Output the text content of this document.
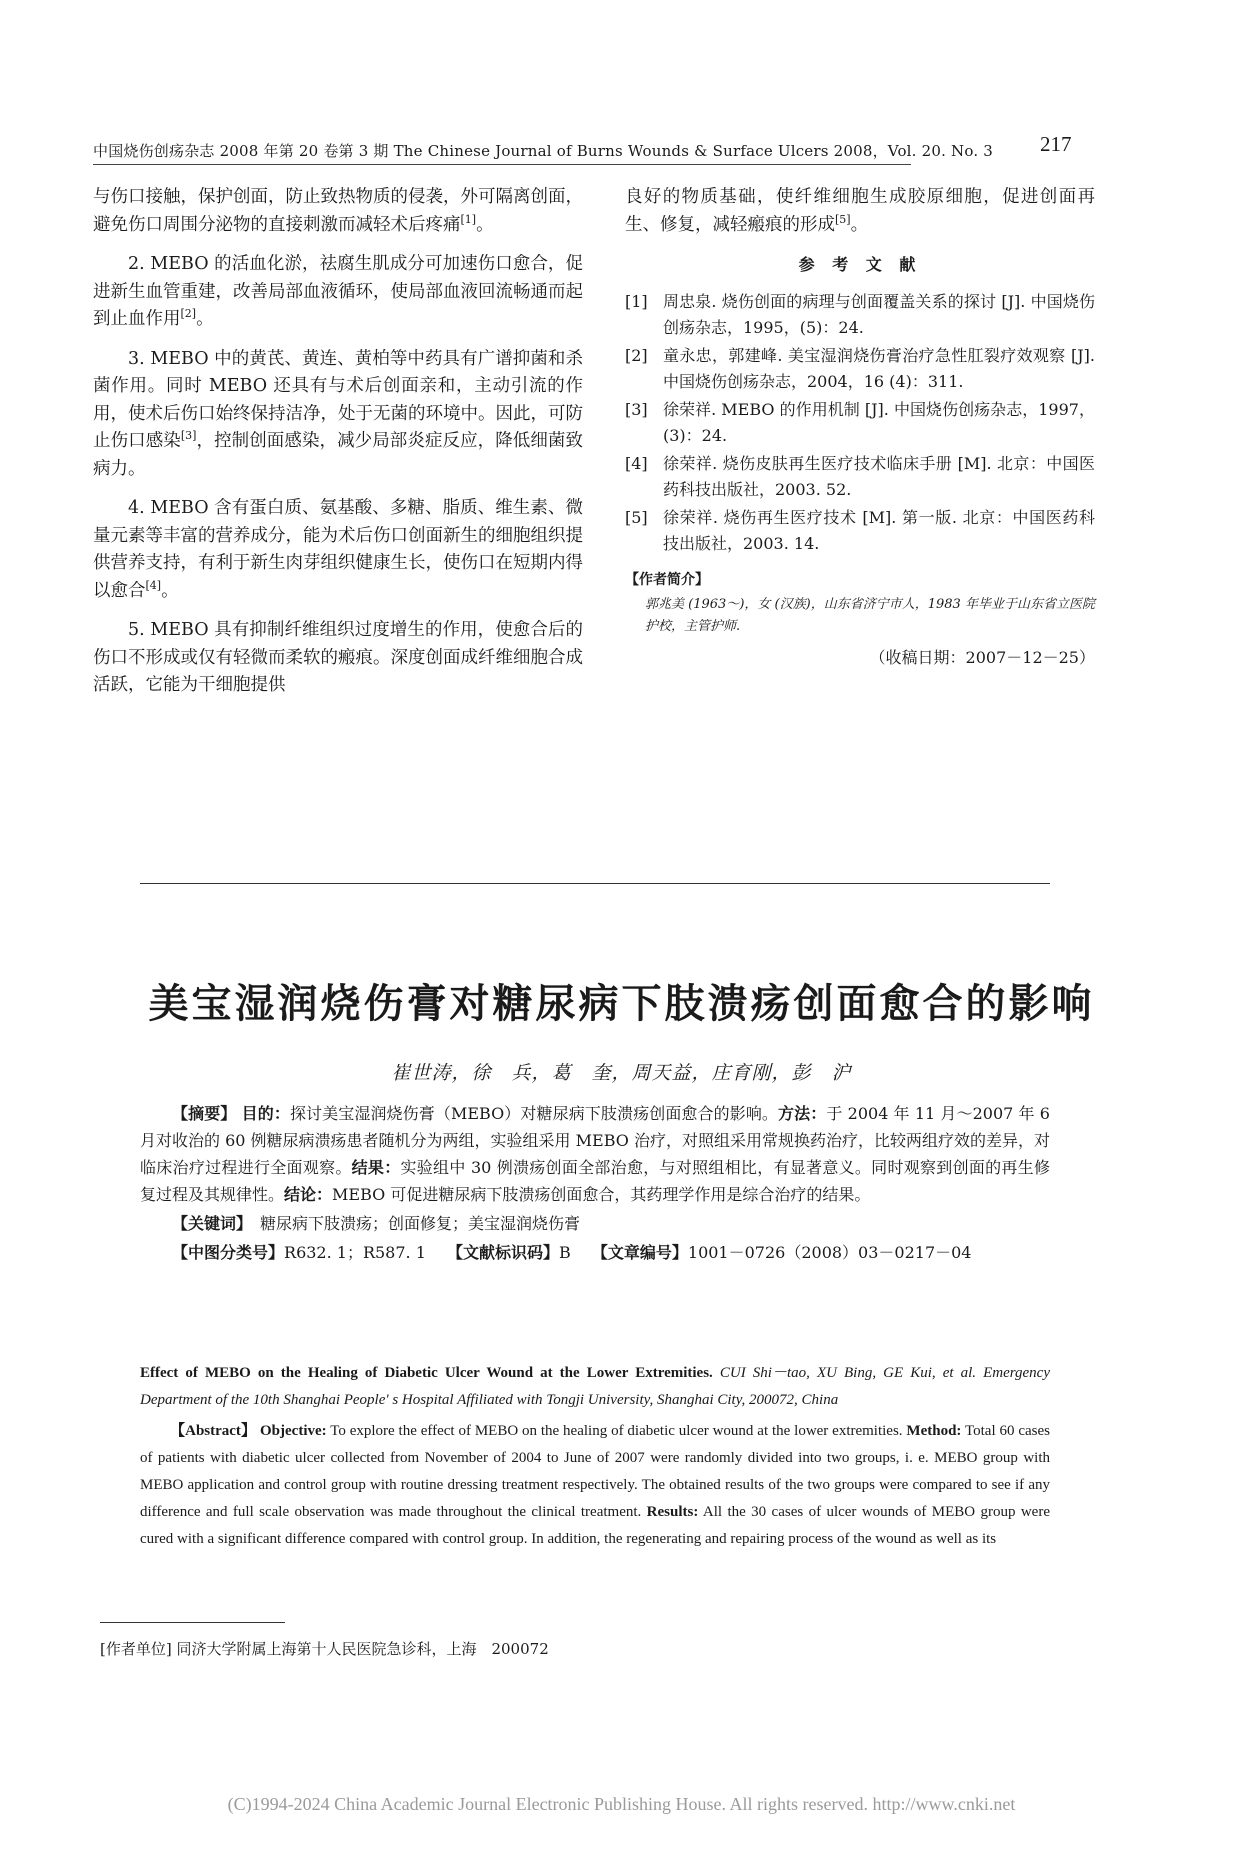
中国烧伤创疡杂志 2008 年第 20 卷第 3 期 The Chinese Journal of Burns Wounds & Surface Ulcers 2008，Vol. 20. No. 3 217

与伤口接触，保护创面，防止致热物质的侵袭，外可隔离创面，避免伤口周围分泌物的直接刺激而减轻术后疼痛[1]。

2. MEBO 的活血化淤，祛腐生肌成分可加速伤口愈合，促进新生血管重建，改善局部血液循环，使局部血液回流畅通而起到止血作用[2]。

3. MEBO 中的黄芪、黄连、黄柏等中药具有广谱抑菌和杀菌作用。同时 MEBO 还具有与术后创面亲和，主动引流的作用，使术后伤口始终保持洁净，处于无菌的环境中。因此，可防止伤口感染[3]，控制创面感染，减少局部炎症反应，降低细菌致病力。

4. MEBO 含有蛋白质、氨基酸、多糖、脂质、维生素、微量元素等丰富的营养成分，能为术后伤口创面新生的细胞组织提供营养支持，有利于新生肉芽组织健康生长，使伤口在短期内得以愈合[4]。

5. MEBO 具有抑制纤维组织过度增生的作用，使愈合后的伤口不形成或仅有轻微而柔软的瘢痕。深度创面成纤维细胞合成活跃，它能为干细胞提供

良好的物质基础，使纤维细胞生成胶原细胞，促进创面再生、修复，减轻瘢痕的形成[5]。

参 考 文 献
[1] 周忠泉. 烧伤创面的病理与创面覆盖关系的探讨 [J]. 中国烧伤创疡杂志，1995，(5)：24.
[2] 童永忠，郭建峰. 美宝湿润烧伤膏治疗急性肛裂疗效观察 [J]. 中国烧伤创疡杂志，2004，16 (4)：311.
[3] 徐荣祥. MEBO 的作用机制 [J]. 中国烧伤创疡杂志，1997，(3)：24.
[4] 徐荣祥. 烧伤皮肤再生医疗技术临床手册 [M]. 北京：中国医药科技出版社，2003. 52.
[5] 徐荣祥. 烧伤再生医疗技术 [M]. 第一版. 北京：中国医药科技出版社，2003. 14.
【作者简介】
郭兆美 (1963～)，女 (汉族)，山东省济宁市人，1983 年毕业于山东省立医院护校，主管护师.
（收稿日期：2007－12－25）
美宝湿润烧伤膏对糖尿病下肢溃疡创面愈合的影响
崔世涛，徐　兵，葛　奎，周天益，庄育刚，彭　沪

【摘要】 目的：探讨美宝湿润烧伤膏（MEBO）对糖尿病下肢溃疡创面愈合的影响。方法：于 2004 年 11 月～2007 年 6 月对收治的 60 例糖尿病溃疡患者随机分为两组，实验组采用 MEBO 治疗，对照组采用常规换药治疗，比较两组疗效的差异，对临床治疗过程进行全面观察。结果：实验组中 30 例溃疡创面全部治愈，与对照组相比，有显著意义。同时观察到创面的再生修复过程及其规律性。结论：MEBO 可促进糖尿病下肢溃疡创面愈合，其药理学作用是综合治疗的结果。

【关键词】　 糖尿病下肢溃疡；创面修复；美宝湿润烧伤膏

【中图分类号】R632. 1；R587. 1　 【文献标识码】B　 【文章编号】1001－0726（2008）03－0217－04

Effect of MEBO on the Healing of Diabetic Ulcer Wound at the Lower Extremities. CUI Shi－tao, XU Bing, GE Kui, et al. Emergency Department of the 10th Shanghai People' s Hospital Affiliated with Tongji University, Shanghai City, 200072, China

【Abstract】 Objective: To explore the effect of MEBO on the healing of diabetic ulcer wound at the lower extremities. Method: Total 60 cases of patients with diabetic ulcer collected from November of 2004 to June of 2007 were randomly divided into two groups, i. e. MEBO group with MEBO application and control group with routine dressing treatment respectively. The obtained results of the two groups were compared to see if any difference and full scale observation was made throughout the clinical treatment. Results: All the 30 cases of ulcer wounds of MEBO group were cured with a significant difference compared with control group. In addition, the regenerating and repairing process of the wound as well as its

[作者单位] 同济大学附属上海第十人民医院急诊科，上海　200072
(C)1994-2024 China Academic Journal Electronic Publishing House. All rights reserved. http://www.cnki.net
